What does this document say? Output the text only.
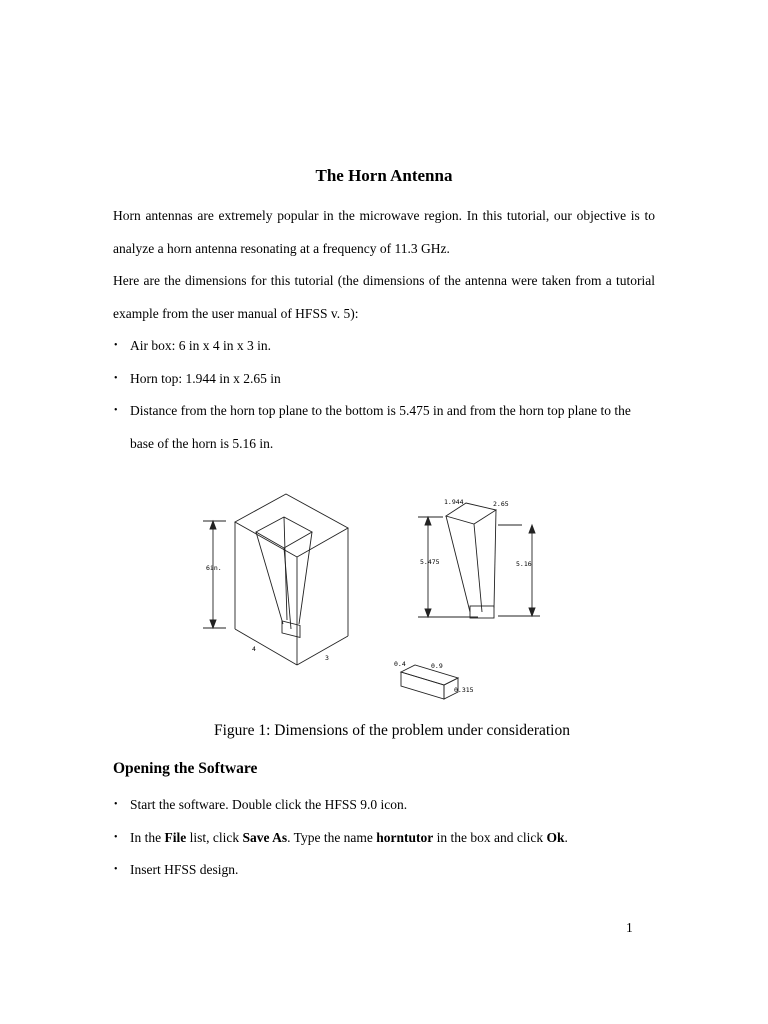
The Horn Antenna
Horn antennas are extremely popular in the microwave region. In this tutorial, our objective is to analyze a horn antenna resonating at a frequency of 11.3 GHz.
Here are the dimensions for this tutorial (the dimensions of the antenna were taken from a tutorial example from the user manual of HFSS v. 5):
• Air box: 6 in x 4 in x 3 in.
• Horn top: 1.944 in x 2.65 in
• Distance from the horn top plane to the bottom is 5.475 in and from the horn top plane to the base of the horn is 5.16 in.
6in.
4
3
1.944	2.65
5.475	5.16
0.4	0.9
0.315
Figure 1: Dimensions of the problem under consideration
Opening the Software
• Start the software. Double click the HFSS 9.0 icon.
• In the File list, click Save As. Type the name horntutor in the box and click Ok.
• Insert HFSS design.
1
